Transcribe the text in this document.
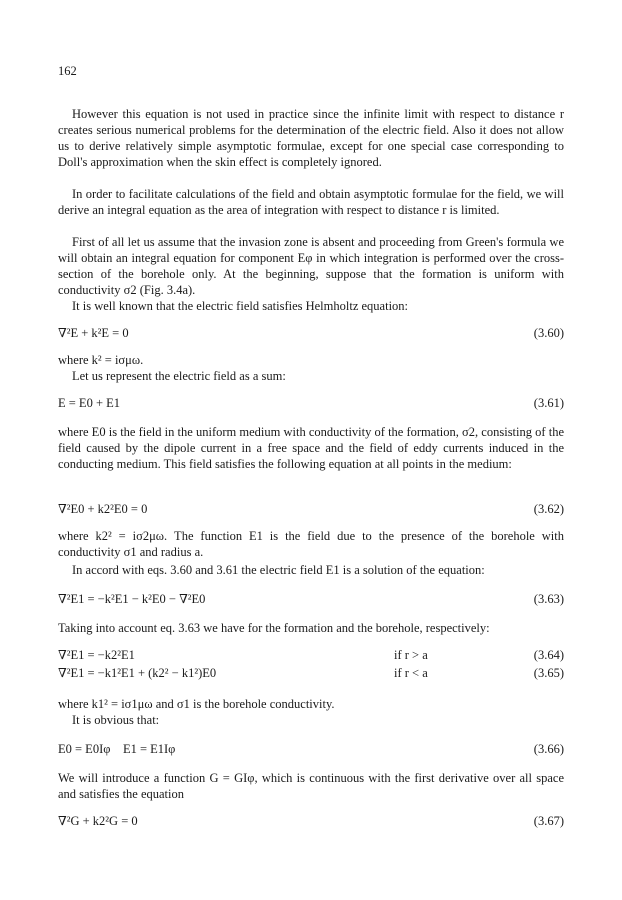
162
However this equation is not used in practice since the infinite limit with respect to distance r creates serious numerical problems for the determination of the electric field. Also it does not allow us to derive relatively simple asymptotic formulae, except for one special case corresponding to Doll's approximation when the skin effect is completely ignored.
In order to facilitate calculations of the field and obtain asymptotic formulae for the field, we will derive an integral equation as the area of integration with respect to distance r is limited.
First of all let us assume that the invasion zone is absent and proceeding from Green's formula we will obtain an integral equation for component Eφ in which integration is performed over the cross-section of the borehole only. At the beginning, suppose that the formation is uniform with conductivity σ2 (Fig. 3.4a).
It is well known that the electric field satisfies Helmholtz equation:
∇²E + k²E = 0	(3.60)
where k² = iσμω.
Let us represent the electric field as a sum:
E = E0 + E1	(3.61)
where E0 is the field in the uniform medium with conductivity of the formation, σ2, consisting of the field caused by the dipole current in a free space and the field of eddy currents induced in the conducting medium. This field satisfies the following equation at all points in the medium:
∇²E0 + k2²E0 = 0	(3.62)
where k2² = iσ2μω. The function E1 is the field due to the presence of the borehole with conductivity σ1 and radius a.
In accord with eqs. 3.60 and 3.61 the electric field E1 is a solution of the equation:
∇²E1 = −k²E1 − k²E0 − ∇²E0	(3.63)
Taking into account eq. 3.63 we have for the formation and the borehole, respectively:
∇²E1 = −k2²E1	if r > a	(3.64)
∇²E1 = −k1²E1 + (k2² − k1²)E0	if r < a	(3.65)
where k1² = iσ1μω and σ1 is the borehole conductivity.
It is obvious that:
E0 = E0Iφ    E1 = E1Iφ	(3.66)
We will introduce a function G = GIφ, which is continuous with the first derivative over all space and satisfies the equation
∇²G + k2²G = 0	(3.67)
